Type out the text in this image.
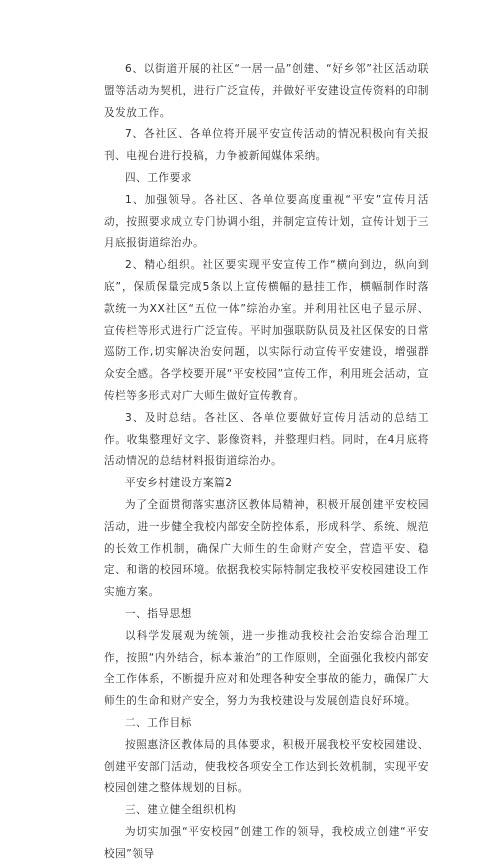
6、以街道开展的社区“一居一品”创建、“好乡邻”社区活动联盟等活动为契机，进行广泛宣传，并做好平安建设宣传资料的印制及发放工作。

7、各社区、各单位将开展平安宣传活动的情况积极向有关报刊、电视台进行投稿，力争被新闻媒体采纳。

四、工作要求

1、加强领导。各社区、各单位要高度重视“平安”宣传月活动，按照要求成立专门协调小组，并制定宣传计划，宣传计划于三月底报街道综治办。

2、精心组织。社区要实现平安宣传工作“横向到边，纵向到底”，保质保量完成5条以上宣传横幅的悬挂工作，横幅制作时落款统一为XX社区“五位一体”综治办室。并利用社区电子显示屏、宣传栏等形式进行广泛宣传。平时加强联防队员及社区保安的日常巡防工作,切实解决治安问题，以实际行动宣传平安建设，增强群众安全感。各学校要开展“平安校园”宣传工作，利用班会活动，宣传栏等多形式对广大师生做好宣传教育。

3、及时总结。各社区、各单位要做好宣传月活动的总结工作。收集整理好文字、影像资料，并整理归档。同时，在4月底将活动情况的总结材料报街道综治办。

平安乡村建设方案篇2

为了全面贯彻落实惠济区教体局精神，积极开展创建平安校园活动，进一步健全我校内部安全防控体系，形成科学、系统、规范的长效工作机制，确保广大师生的生命财产安全，营造平安、稳定、和谐的校园环境。依据我校实际特制定我校平安校园建设工作实施方案。

一、指导思想

以科学发展观为统领，进一步推动我校社会治安综合治理工作，按照“内外结合，标本兼治”的工作原则，全面强化我校内部安全工作体系，不断提升应对和处理各种安全事故的能力，确保广大师生的生命和财产安全，努力为我校建设与发展创造良好环境。

二、工作目标

按照惠济区教体局的具体要求，积极开展我校平安校园建设、创建平安部门活动，使我校各项安全工作达到长效机制，实现平安校园创建之整体规划的目标。

三、建立健全组织机构

为切实加强“平安校园”创建工作的领导，我校成立创建“平安校园”领导
